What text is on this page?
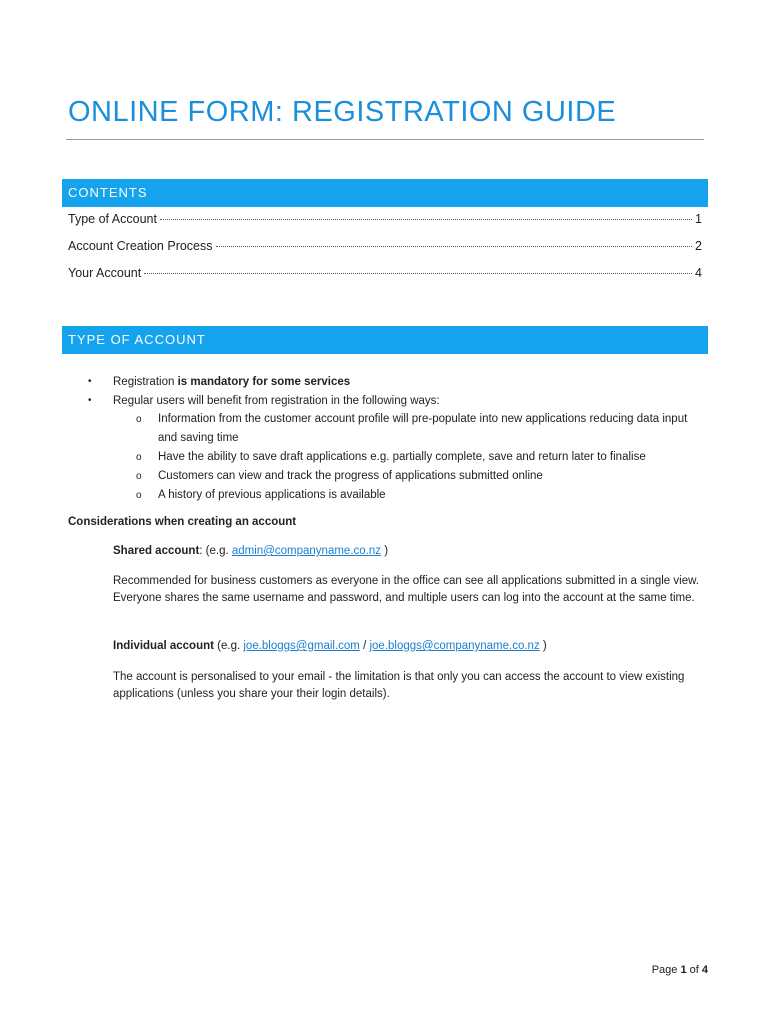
ONLINE FORM: REGISTRATION GUIDE
CONTENTS
Type of Account	1
Account Creation Process	2
Your Account	4
TYPE OF ACCOUNT
•	Registration is mandatory for some services
•	Regular users will benefit from registration in the following ways:
o	Information from the customer account profile will pre-populate into new applications reducing data input and saving time
o	Have the ability to save draft applications e.g. partially complete, save and return later to finalise
o	Customers can view and track the progress of applications submitted online
o	A history of previous applications is available
Considerations when creating an account
Shared account: (e.g. admin@companyname.co.nz )
Recommended for business customers as everyone in the office can see all applications submitted in a single view. Everyone shares the same username and password, and multiple users can log into the account at the same time.
Individual account (e.g. joe.bloggs@gmail.com / joe.bloggs@companyname.co.nz )
The account is personalised to your email - the limitation is that only you can access the account to view existing applications (unless you share your their login details).
Page 1 of 4
